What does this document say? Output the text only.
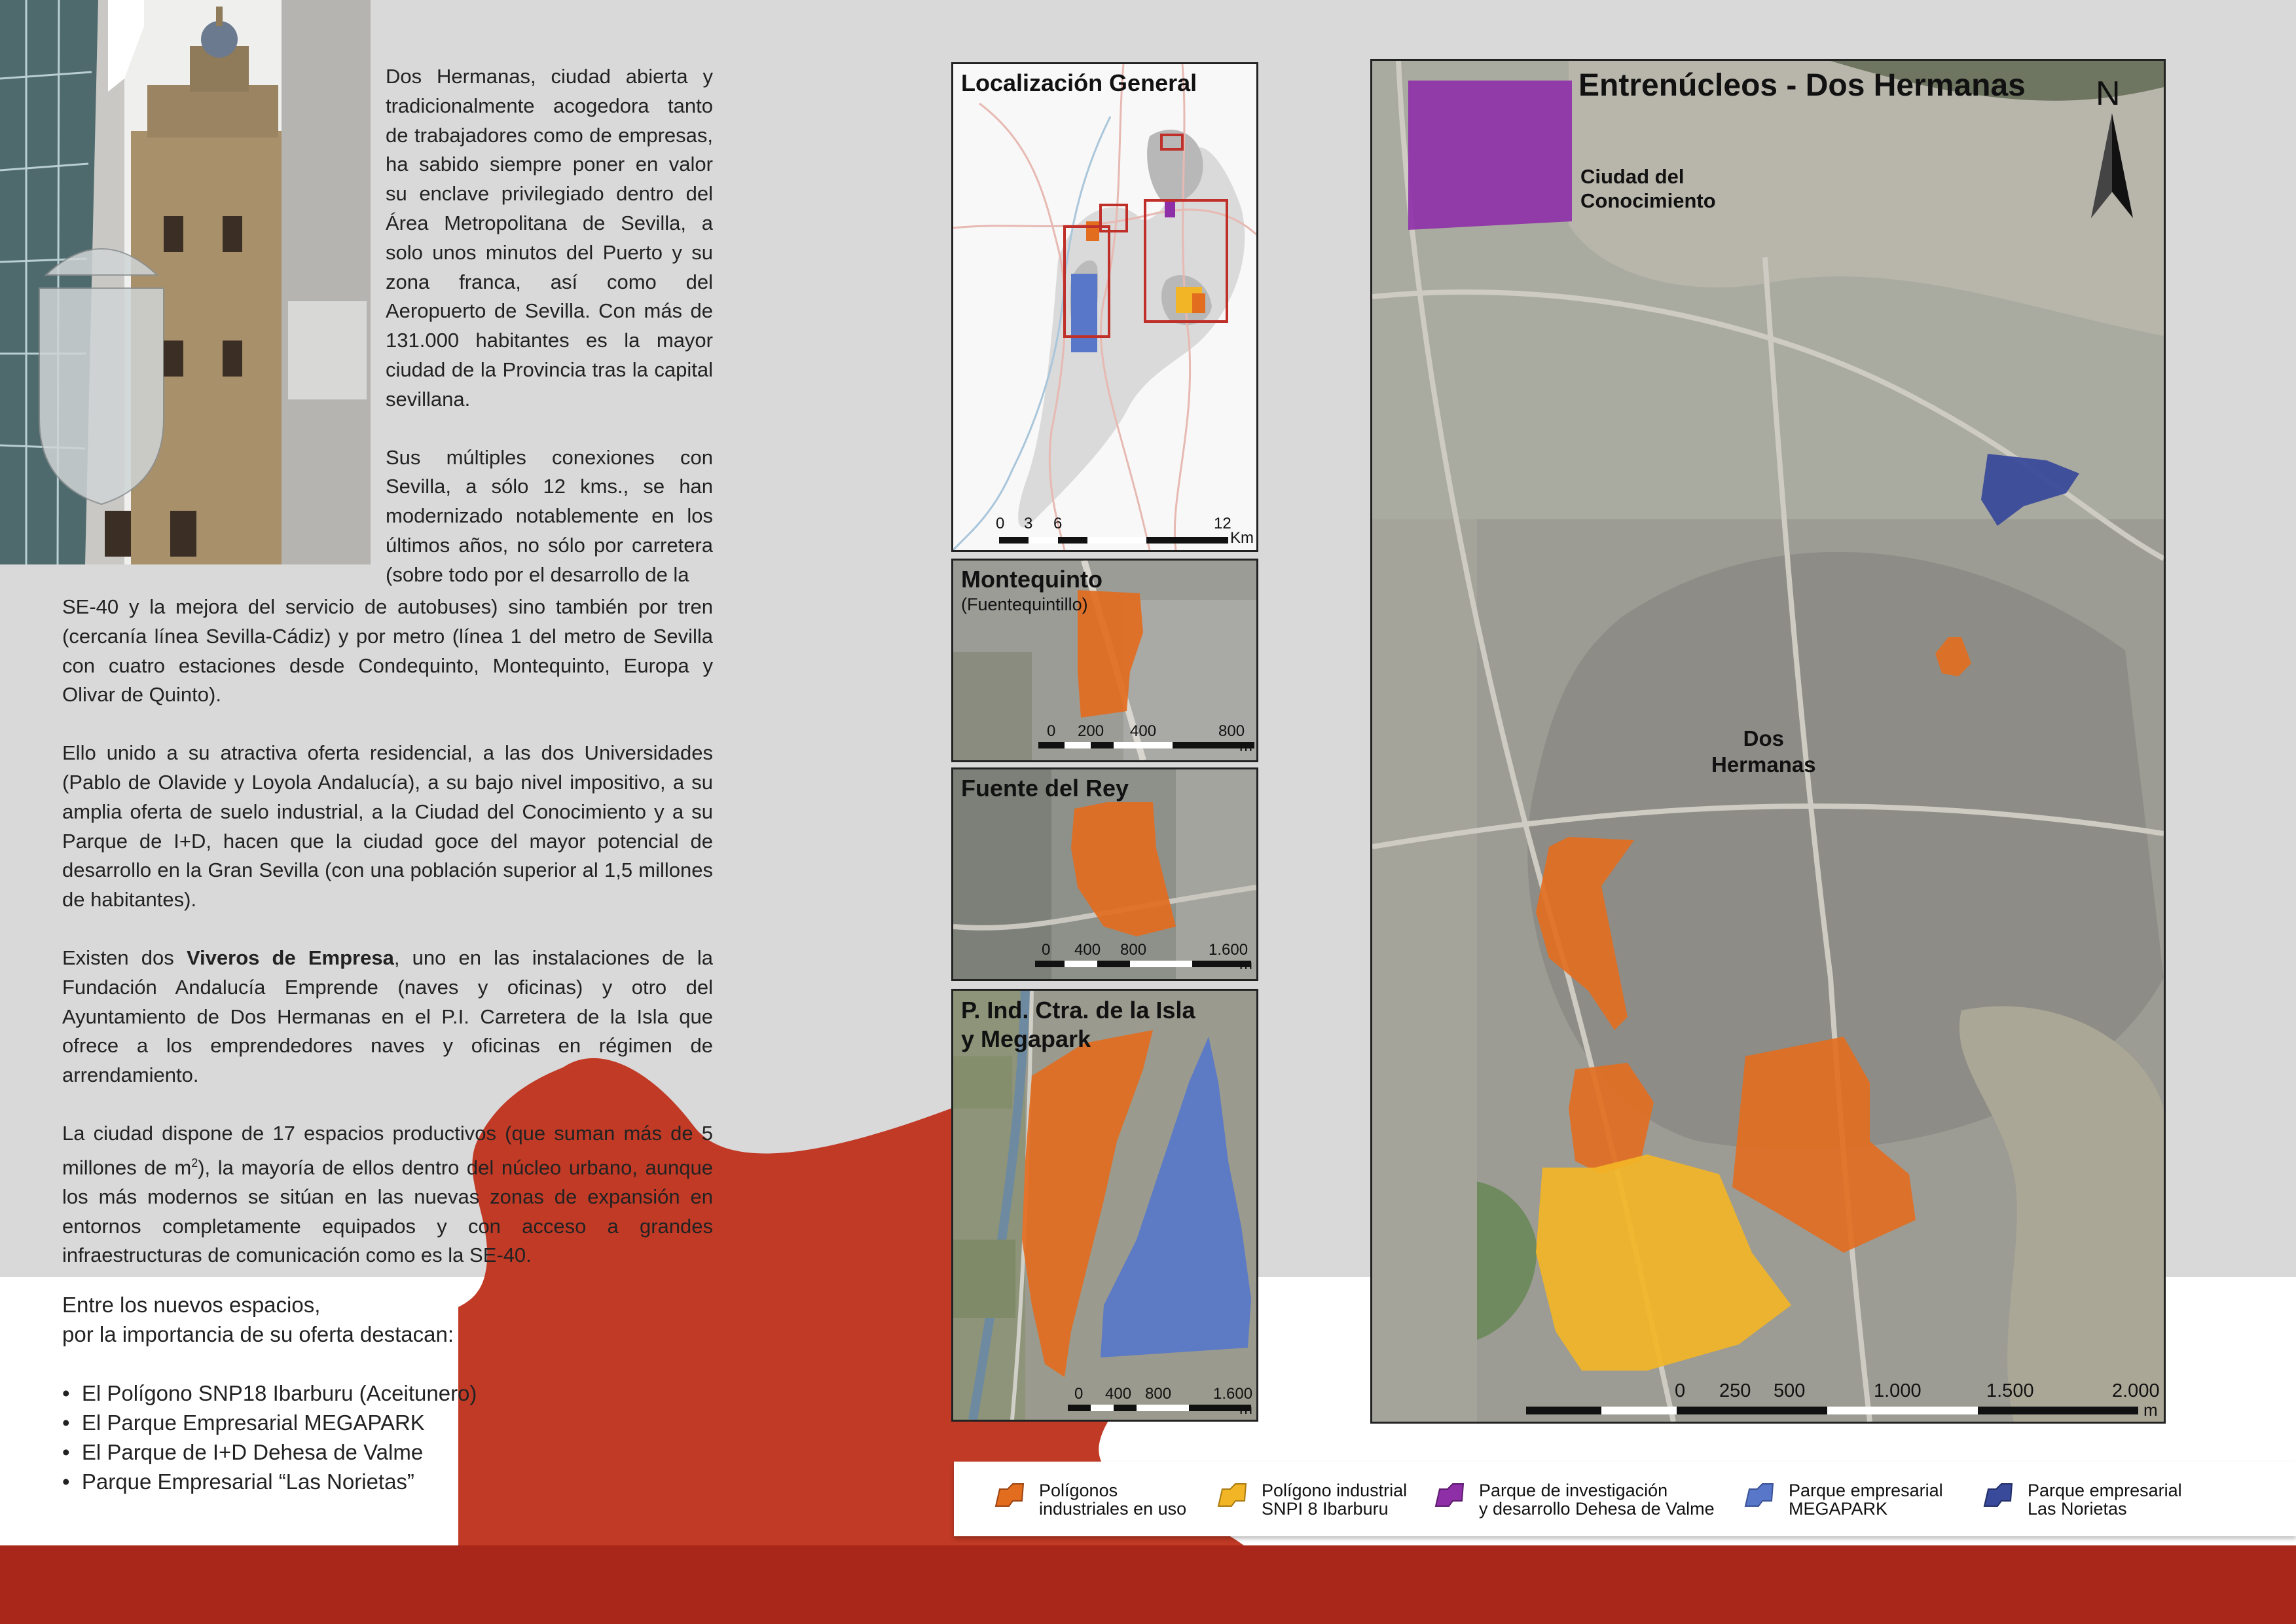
Dos Hermanas, ciudad abierta y tradicionalmente acogedora tanto de trabajadores como de empresas, ha sabido siempre poner en valor su enclave privilegiado dentro del Área Metropolitana de Sevilla, a solo unos minutos del Puerto y su zona franca, así como del Aeropuerto de Sevilla. Con más de 131.000 habitantes es la mayor ciudad de la Provincia tras la capital sevillana.

Sus múltiples conexiones con Sevilla, a sólo 12 kms., se han modernizado notablemente en los últimos años, no sólo por carretera (sobre todo por el desarrollo de la

SE-40 y la mejora del servicio de autobuses) sino también por tren (cercanía línea Sevilla-Cádiz) y por metro (línea 1 del metro de Sevilla con cuatro estaciones desde Condequinto, Montequinto, Europa y Olivar de Quinto).

Ello unido a su atractiva oferta residencial, a las dos Universidades (Pablo de Olavide y Loyola Andalucía), a su bajo nivel impositivo, a su amplia oferta de suelo industrial, a la Ciudad del Conocimiento y a su Parque de I+D, hacen que la ciudad goce del mayor potencial de desarrollo en la Gran Sevilla (con una población superior al 1,5 millones de habitantes).

Existen dos Viveros de Empresa, uno en las instalaciones de la Fundación Andalucía Emprende (naves y oficinas) y otro del Ayuntamiento de Dos Hermanas en el P.I. Carretera de la Isla que ofrece a los emprendedores naves y oficinas en régimen de arrendamiento.

La ciudad dispone de 17 espacios productivos (que suman más de 5 millones de $m^2$), la mayoría de ellos dentro del núcleo urbano, aunque los más modernos se sitúan en las nuevas zonas de expansión en entornos completamente equipados y con acceso a grandes infraestructuras de comunicación como es la SE-40.

Entre los nuevos espacios,
por la importancia de su oferta destacan:
•  El Polígono SNP18 Ibarburu (Aceitunero)
•  El Parque Empresarial MEGAPARK
•  El Parque de I+D Dehesa de Valme
•  Parque Empresarial “Las Norietas”
Localización General
0 3 6	12
Km
Montequinto
(Fuentequintillo)
0 200 400	800
m
Fuente del Rey
0 400 800	1.600
m
P. Ind. Ctra. de la Isla
y Megapark
0 400 800	1.600
m
Entrenúcleos - Dos Hermanas N
Ciudad del
Conocimiento
Dos
Hermanas
0 250 500	1.000	1.500	2.000
m
Polígonos
industriales en uso
Polígono industrial
SNPI 8 Ibarburu
Parque de investigación
y desarrollo Dehesa de Valme
Parque empresarial
MEGAPARK
Parque empresarial
Las Norietas
